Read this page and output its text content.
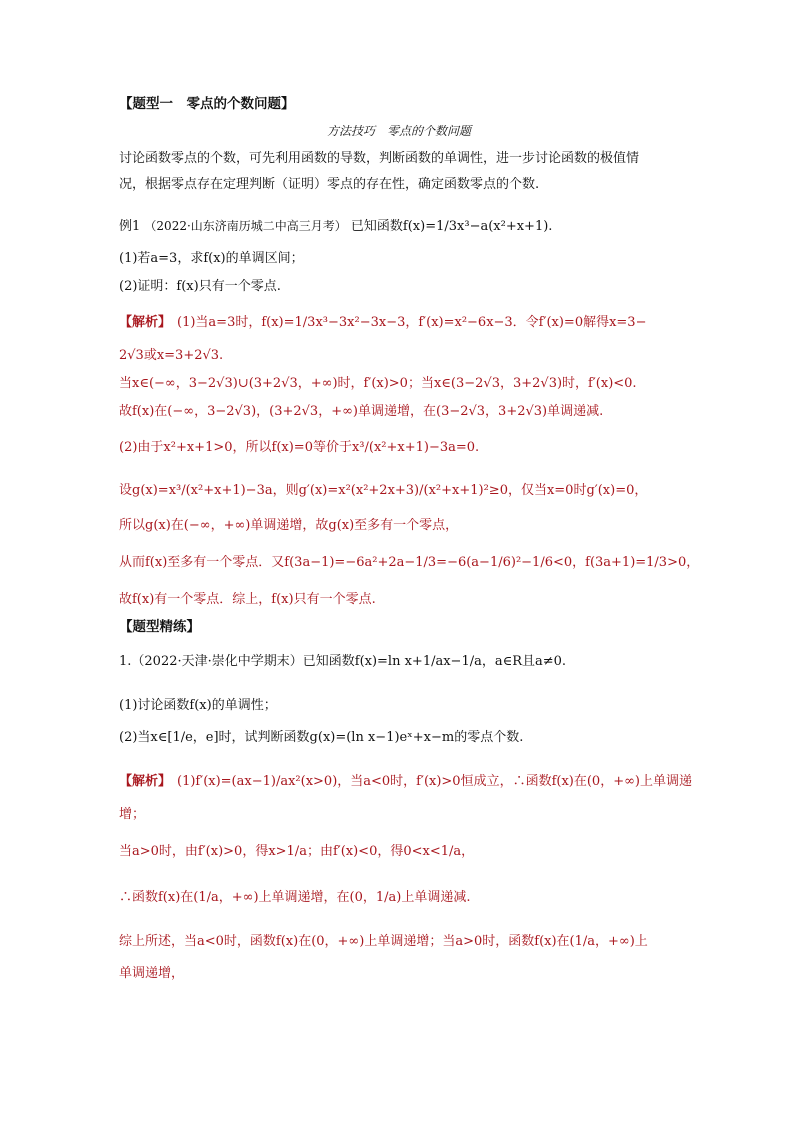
【题型一　零点的个数问题】
方法技巧　零点的个数问题
讨论函数零点的个数，可先利用函数的导数，判断函数的单调性，进一步讨论函数的极值情
况，根据零点存在定理判断（证明）零点的存在性，确定函数零点的个数.
例1 （2022·山东济南历城二中高三月考） 已知函数f(x)=1/3x³−a(x²+x+1).
(1)若a=3，求f(x)的单调区间；
(2)证明：f(x)只有一个零点.
【解析】 (1)当a=3时，f(x)=1/3x³−3x²−3x−3，f′(x)=x²−6x−3．令f′(x)=0解得x=3−
2√3或x=3+2√3.
当x∈(−∞，3−2√3)∪(3+2√3，+∞)时，f′(x)>0；当x∈(3−2√3，3+2√3)时，f′(x)<0.
故f(x)在(−∞，3−2√3)，(3+2√3，+∞)单调递增，在(3−2√3，3+2√3)单调递减.
(2)由于x²+x+1>0，所以f(x)=0等价于x³/(x²+x+1)−3a=0.
设g(x)=x³/(x²+x+1)−3a，则g′(x)=x²(x²+2x+3)/(x²+x+1)²≥0，仅当x=0时g′(x)=0，
所以g(x)在(−∞，+∞)单调递增，故g(x)至多有一个零点，
从而f(x)至多有一个零点．又f(3a−1)=−6a²+2a−1/3=−6(a−1/6)²−1/6<0，f(3a+1)=1/3>0，
故f(x)有一个零点．综上，f(x)只有一个零点.
【题型精练】
1.（2022·天津·崇化中学期末）已知函数f(x)=ln x+1/ax−1/a，a∈R且a≠0.
(1)讨论函数f(x)的单调性；
(2)当x∈[1/e，e]时，试判断函数g(x)=(ln x−1)eˣ+x−m的零点个数.
【解析】 (1)f′(x)=(ax−1)/ax²(x>0)，当a<0时，f′(x)>0恒成立，∴函数f(x)在(0，+∞)上单调递
增；
当a>0时，由f′(x)>0，得x>1/a；由f′(x)<0，得0<x<1/a，
∴函数f(x)在(1/a，+∞)上单调递增，在(0，1/a)上单调递减.
综上所述，当a<0时，函数f(x)在(0，+∞)上单调递增；当a>0时，函数f(x)在(1/a，+∞)上
单调递增，
